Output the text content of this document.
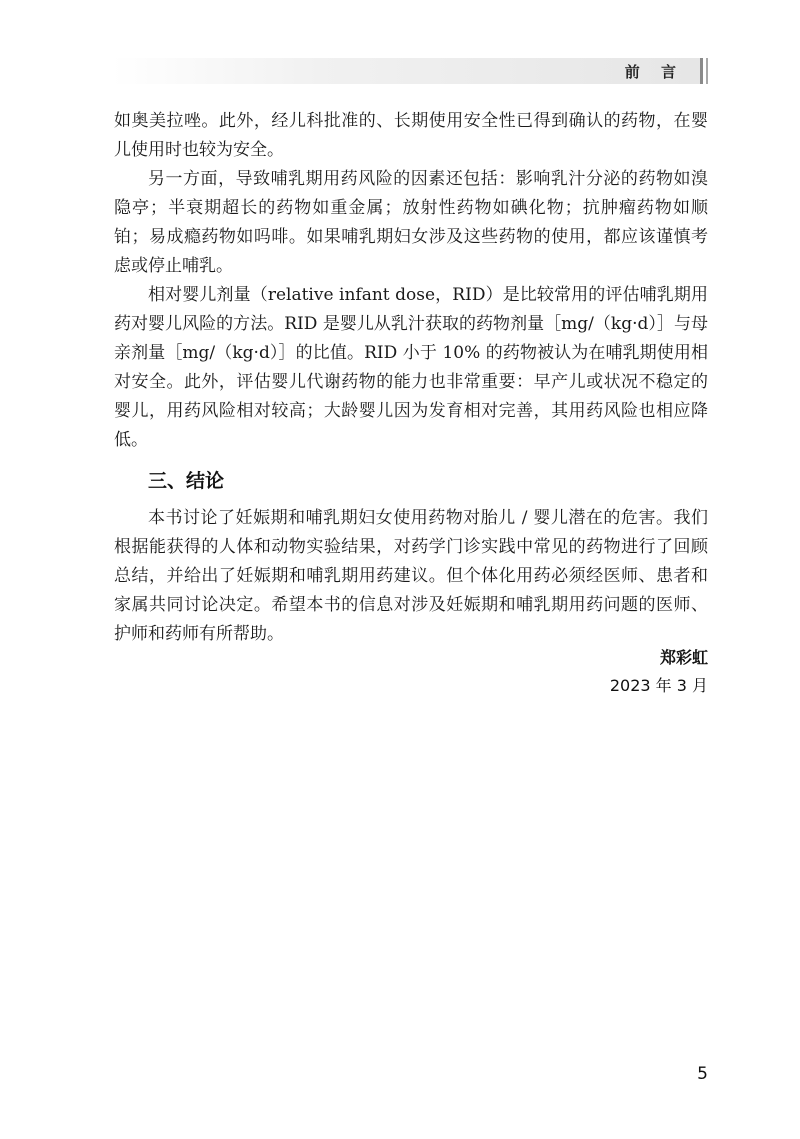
前 言

如奥美拉唑。此外，经儿科批准的、长期使用安全性已得到确认的药物，在婴儿使用时也较为安全。

另一方面，导致哺乳期用药风险的因素还包括：影响乳汁分泌的药物如溴隐亭；半衰期超长的药物如重金属；放射性药物如碘化物；抗肿瘤药物如顺铂；易成瘾药物如吗啡。如果哺乳期妇女涉及这些药物的使用，都应该谨慎考虑或停止哺乳。

相对婴儿剂量（relative infant dose，RID）是比较常用的评估哺乳期用药对婴儿风险的方法。RID 是婴儿从乳汁获取的药物剂量［mg/（kg·d）］与母亲剂量［mg/（kg·d）］的比值。RID 小于 10% 的药物被认为在哺乳期使用相对安全。此外，评估婴儿代谢药物的能力也非常重要：早产儿或状况不稳定的婴儿，用药风险相对较高；大龄婴儿因为发育相对完善，其用药风险也相应降低。

三、结论

本书讨论了妊娠期和哺乳期妇女使用药物对胎儿 / 婴儿潜在的危害。我们根据能获得的人体和动物实验结果，对药学门诊实践中常见的药物进行了回顾总结，并给出了妊娠期和哺乳期用药建议。但个体化用药必须经医师、患者和家属共同讨论决定。希望本书的信息对涉及妊娠期和哺乳期用药问题的医师、护师和药师有所帮助。

郑彩虹
2023 年 3 月
5
